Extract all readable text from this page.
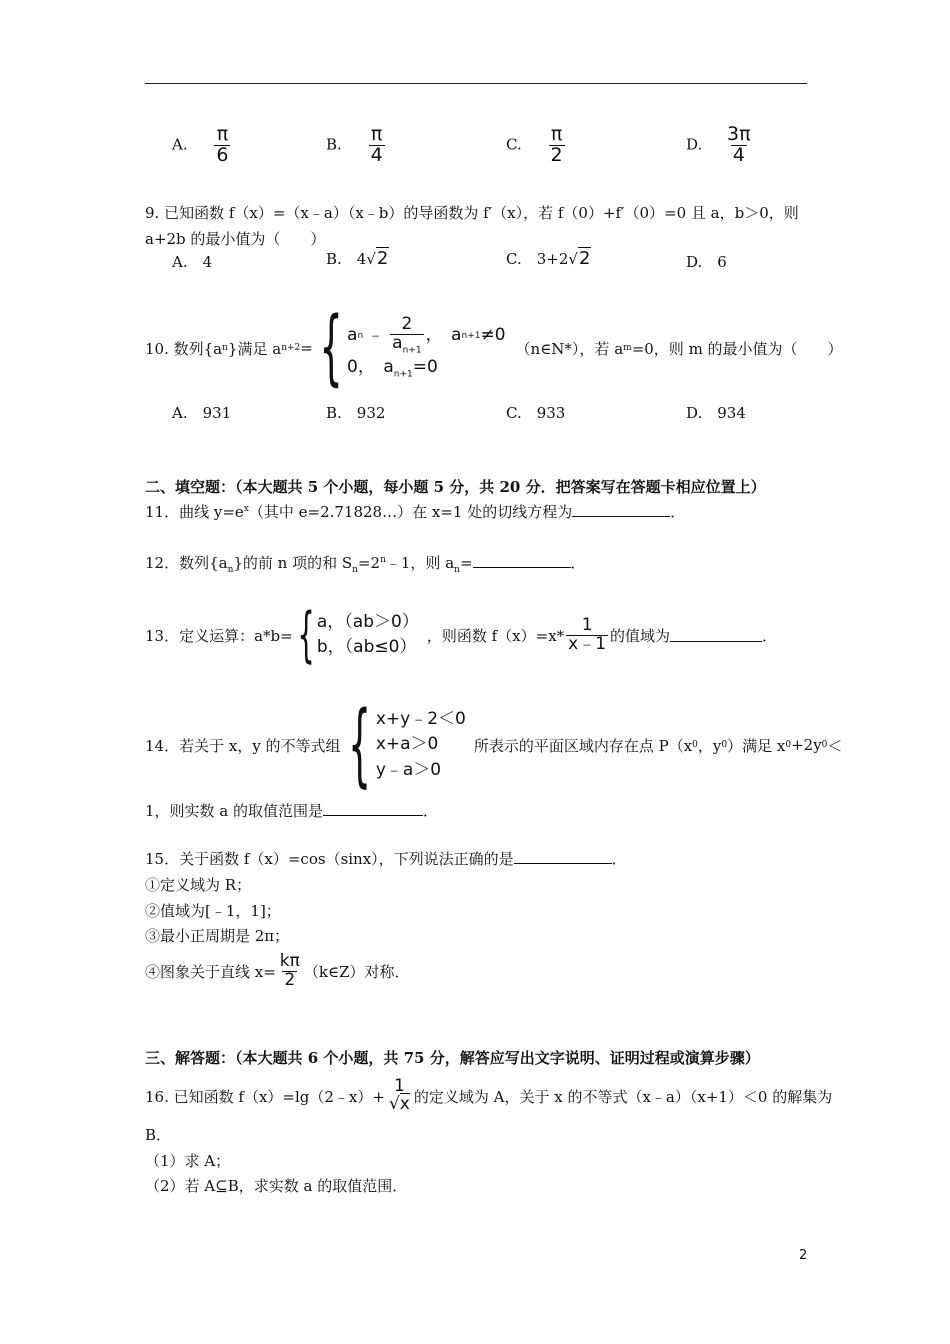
A. $\frac{\pi}{6}$	B. $\frac{\pi}{4}$	C. $\frac{\pi}{2}$	D. $\frac{3\pi}{4}$
9. 已知函数 f（x）=（x﹣a）（x﹣b）的导函数为 f′（x），若 f（0）+f′（0）=0 且 a，b＞0，则
a+2b 的最小值为（　　）
A.　4	B.　4√2	C.　3+2√2	D.　6
10. 数列{a n }满足 a n+2 = { a n ﹣ $\frac{2}{a_{n+1}}$ ，　a n+1 ≠0
0，　$a_{n+1}=0$
（n∈N*），若 a m =0，则 m 的最小值为（　　）
A.　931	B.　932	C.　933	D.　934
二、填空题：（本大题共 5 个小题，每小题 5 分，共 20 分．把答案写在答题卡相应位置上）
11．曲线 $y=e^x$（其中 e=2.71828…）在 x=1 处的切线方程为	．
12．数列$\{a_n\}$的前 n 项的和 $S_n=2^n﹣1$，则 $a_n=$	．
13．定义运算：a*b= { a，（ab＞0）
b，（ab≤0）
，则函数 $f(x)=x* \frac{1}{x﹣1}$ 的值域为	．
14．若关于 x，y 的不等式组 { x+y﹣2＜0
x+a＞0
y﹣a＞0
所表示的平面区域内存在点 P（x 0 ，y 0 ）满足 x 0 +2y 0 ＜
1，则实数 a 的取值范围是	．
15．关于函数 f（x）=cos（sinx），下列说法正确的是	．
①定义域为 R；
②值域为[﹣1，1]；
③最小正周期是 2π；
④图象关于直线 $x= \frac{k\pi}{2}$ （k∈Z）对称．
三、解答题：（本大题共 6 个小题，共 75 分，解答应写出文字说明、证明过程或演算步骤）
16. 已知函数 f（x）=lg（2﹣x）+
1
√x 的定义域为 A，关于 x 的不等式（x﹣a）（x+1）＜0 的解集为
B．
（1）求 A；
（2）若 A⊆B，求实数 a 的取值范围．
2
